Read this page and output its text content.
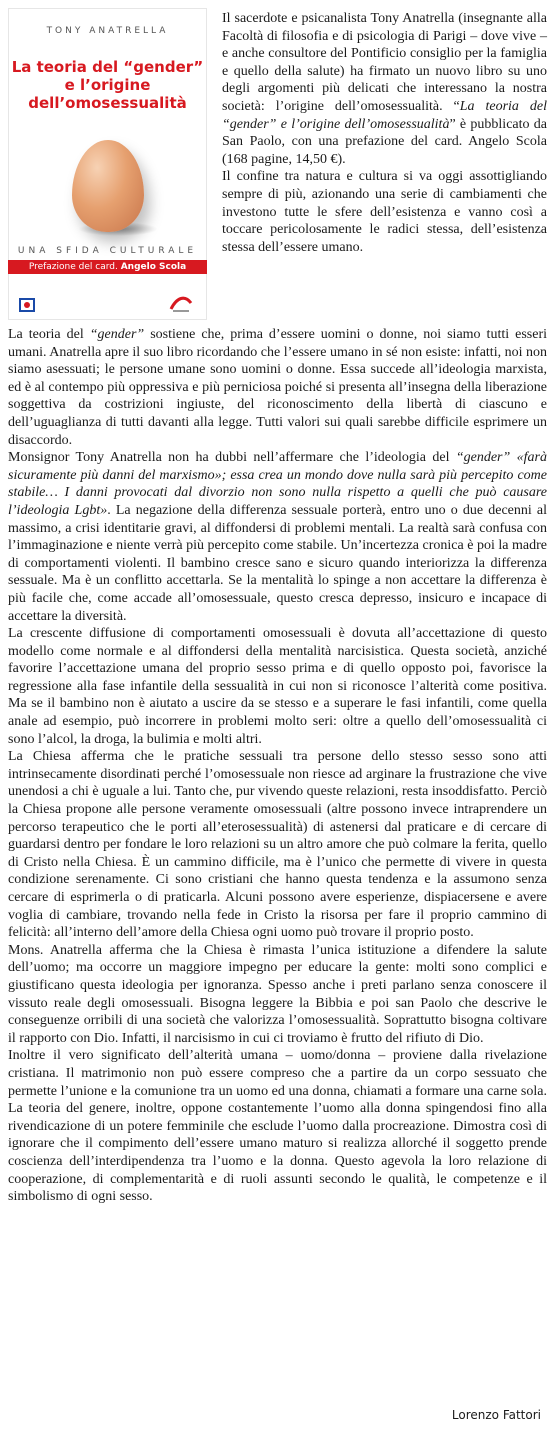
TONY ANATRELLA
La teoria del “gender”
e l’origine
dell’omosessualità
UNA SFIDA CULTURALE
Prefazione del card. Angelo Scola

Il sacerdote e psicanalista Tony Anatrella (insegnante alla Facoltà di filosofia e di psicologia di Parigi – dove vive – e anche consultore del Pontificio consiglio per la famiglia e quello della salute) ha firmato un nuovo libro su uno degli argomenti più delicati che interessano la nostra società: l’origine dell’omosessualità. “La teoria del “gender” e l’origine dell’omosessualità” è pubblicato da San Paolo, con una prefazione del card. Angelo Scola (168 pagine, 14,50 €).

Il confine tra natura e cultura si va oggi assottigliando sempre di più, azionando una serie di cambiamenti che investono tutte le sfere dell’esistenza e vanno così a toccare pericolosamente le radici stessa, dell’esistenza stessa dell’essere umano.

La teoria del “gender” sostiene che, prima d’essere uomini o donne, noi siamo tutti esseri umani. Anatrella apre il suo libro ricordando che l’essere umano in sé non esiste: infatti, noi non siamo asessuati; le persone umane sono uomini o donne. Essa succede all’ideologia marxista, ed è al contempo più oppressiva e più perniciosa poiché si presenta all’insegna della liberazione soggettiva da costrizioni ingiuste, del riconoscimento della libertà di ciascuno e dell’uguaglianza di tutti davanti alla legge. Tutti valori sui quali sarebbe difficile esprimere un disaccordo.

Monsignor Tony Anatrella non ha dubbi nell’affermare che l’ideologia del “gender” «farà sicuramente più danni del marxismo»; essa crea un mondo dove nulla sarà più percepito come stabile… I danni provocati dal divorzio non sono nulla rispetto a quelli che può causare l’ideologia Lgbt». La negazione della differenza sessuale porterà, entro uno o due decenni al massimo, a crisi identitarie gravi, al diffondersi di problemi mentali. La realtà sarà confusa con l’immaginazione e niente verrà più percepito come stabile. Un’incertezza cronica è poi la madre di comportamenti violenti. Il bambino cresce sano e sicuro quando interiorizza la differenza sessuale. Ma è un conflitto accettarla. Se la mentalità lo spinge a non accettare la differenza è più facile che, come accade all’omosessuale, questo cresca depresso, insicuro e incapace di accettare la diversità.

La crescente diffusione di comportamenti omosessuali è dovuta all’accettazione di questo modello come normale e al diffondersi della mentalità narcisistica. Questa società, anziché favorire l’accettazione umana del proprio sesso prima e di quello opposto poi, favorisce la regressione alla fase infantile della sessualità in cui non si riconosce l’alterità come positiva. Ma se il bambino non è aiutato a uscire da se stesso e a superare le fasi infantili, come quella anale ad esempio, può incorrere in problemi molto seri: oltre a quello dell’omosessualità ci sono l’alcol, la droga, la bulimia e molti altri.

La Chiesa afferma che le pratiche sessuali tra persone dello stesso sesso sono atti intrinsecamente disordinati perché l’omosessuale non riesce ad arginare la frustrazione che vive unendosi a chi è uguale a lui. Tanto che, pur vivendo queste relazioni, resta insoddisfatto. Perciò la Chiesa propone alle persone veramente omosessuali (altre possono invece intraprendere un percorso terapeutico che le porti all’eterosessualità) di astenersi dal praticare e di cercare di guardarsi dentro per fondare le loro relazioni su un altro amore che può colmare la ferita, quello di Cristo nella Chiesa. È un cammino difficile, ma è l’unico che permette di vivere in questa condizione serenamente. Ci sono cristiani che hanno questa tendenza e la assumono senza cercare di esprimerla o di praticarla. Alcuni possono avere esperienze, dispiacersene e avere voglia di cambiare, trovando nella fede in Cristo la risorsa per fare il proprio cammino di felicità: all’interno dell’amore della Chiesa ogni uomo può trovare il proprio posto.

Mons. Anatrella afferma che la Chiesa è rimasta l’unica istituzione a difendere la salute dell’uomo; ma occorre un maggiore impegno per educare la gente: molti sono complici e giustificano questa ideologia per ignoranza. Spesso anche i preti parlano senza conoscere il vissuto reale degli omosessuali. Bisogna leggere la Bibbia e poi san Paolo che descrive le conseguenze orribili di una società che valorizza l’omosessualità. Soprattutto bisogna coltivare il rapporto con Dio. Infatti, il narcisismo in cui ci troviamo è frutto del rifiuto di Dio.

Inoltre il vero significato dell’alterità umana – uomo/donna – proviene dalla rivelazione cristiana. Il matrimonio non può essere compreso che a partire da un corpo sessuato che permette l’unione e la comunione tra un uomo ed una donna, chiamati a formare una carne sola. La teoria del genere, inoltre, oppone costantemente l’uomo alla donna spingendosi fino alla rivendicazione di un potere femminile che esclude l’uomo dalla procreazione. Dimostra così di ignorare che il compimento dell’essere umano maturo si realizza allorché il soggetto prende coscienza dell’interdipendenza tra l’uomo e la donna. Questo agevola la loro relazione di cooperazione, di complementarità e di ruoli assunti secondo le qualità, le competenze e il simbolismo di ogni sesso.

Lorenzo Fattori
